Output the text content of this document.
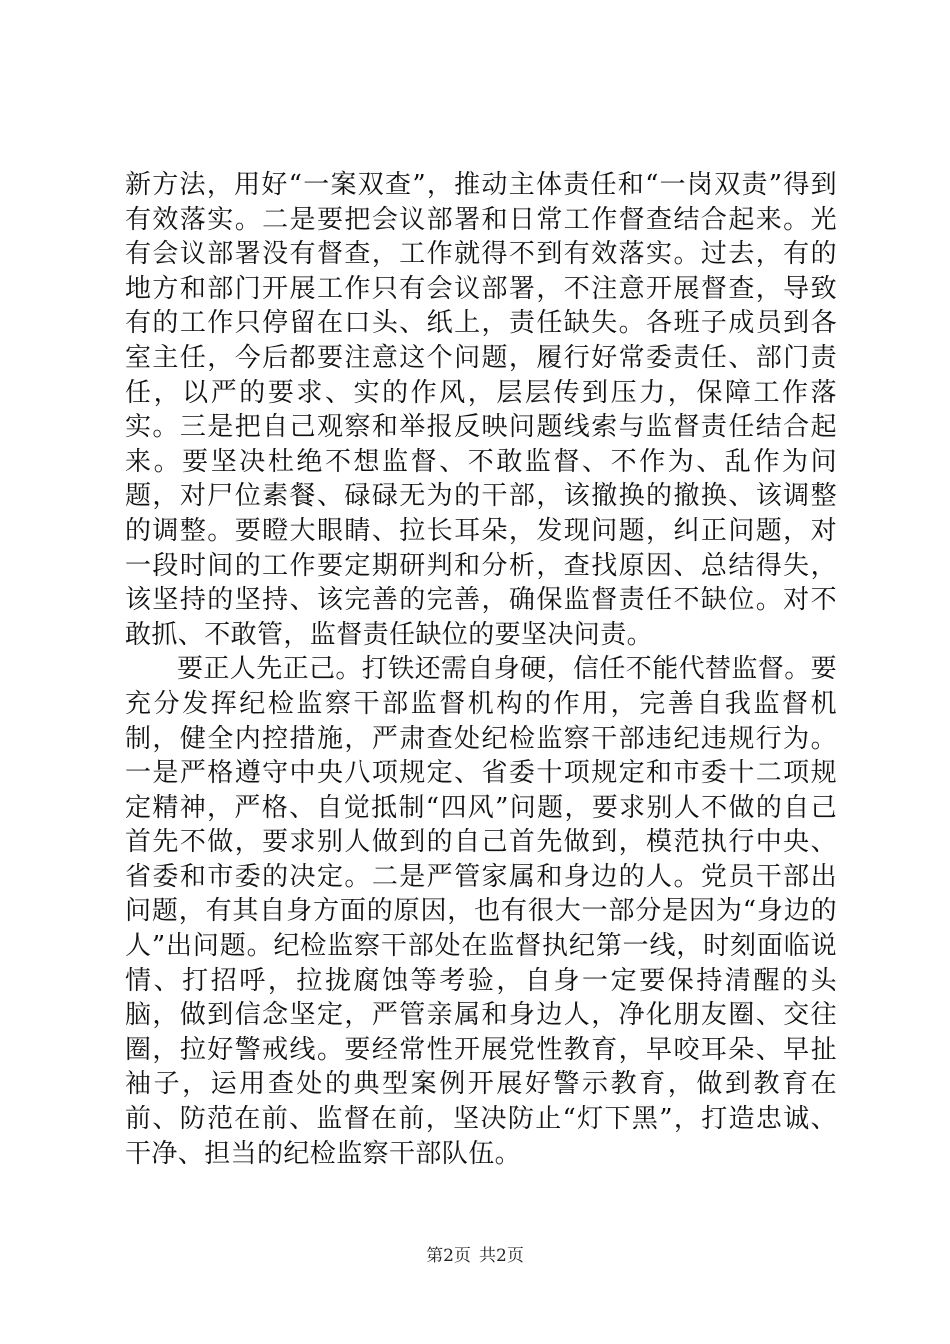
新方法，用好“一案双查”，推动主体责任和“一岗双责”得到有效落实。二是要把会议部署和日常工作督查结合起来。光有会议部署没有督查，工作就得不到有效落实。过去，有的地方和部门开展工作只有会议部署，不注意开展督查，导致有的工作只停留在口头、纸上，责任缺失。各班子成员到各室主任，今后都要注意这个问题，履行好常委责任、部门责任，以严的要求、实的作风，层层传到压力，保障工作落实。三是把自己观察和举报反映问题线索与监督责任结合起来。要坚决杜绝不想监督、不敢监督、不作为、乱作为问题，对尸位素餐、碌碌无为的干部，该撤换的撤换、该调整的调整。要瞪大眼睛、拉长耳朵，发现问题，纠正问题，对一段时间的工作要定期研判和分析，查找原因、总结得失，该坚持的坚持、该完善的完善，确保监督责任不缺位。对不敢抓、不敢管，监督责任缺位的要坚决问责。

要正人先正己。打铁还需自身硬，信任不能代替监督。要充分发挥纪检监察干部监督机构的作用，完善自我监督机制，健全内控措施，严肃查处纪检监察干部违纪违规行为。一是严格遵守中央八项规定、省委十项规定和市委十二项规定精神，严格、自觉抵制“四风”问题，要求别人不做的自己首先不做，要求别人做到的自己首先做到，模范执行中央、省委和市委的决定。二是严管家属和身边的人。党员干部出问题，有其自身方面的原因，也有很大一部分是因为“身边的人”出问题。纪检监察干部处在监督执纪第一线，时刻面临说情、打招呼，拉拢腐蚀等考验，自身一定要保持清醒的头脑，做到信念坚定，严管亲属和身边人，净化朋友圈、交往圈，拉好警戒线。要经常性开展党性教育，早咬耳朵、早扯袖子，运用查处的典型案例开展好警示教育，做到教育在前、防范在前、监督在前，坚决防止“灯下黑”，打造忠诚、干净、担当的纪检监察干部队伍。

第2页 共2页
